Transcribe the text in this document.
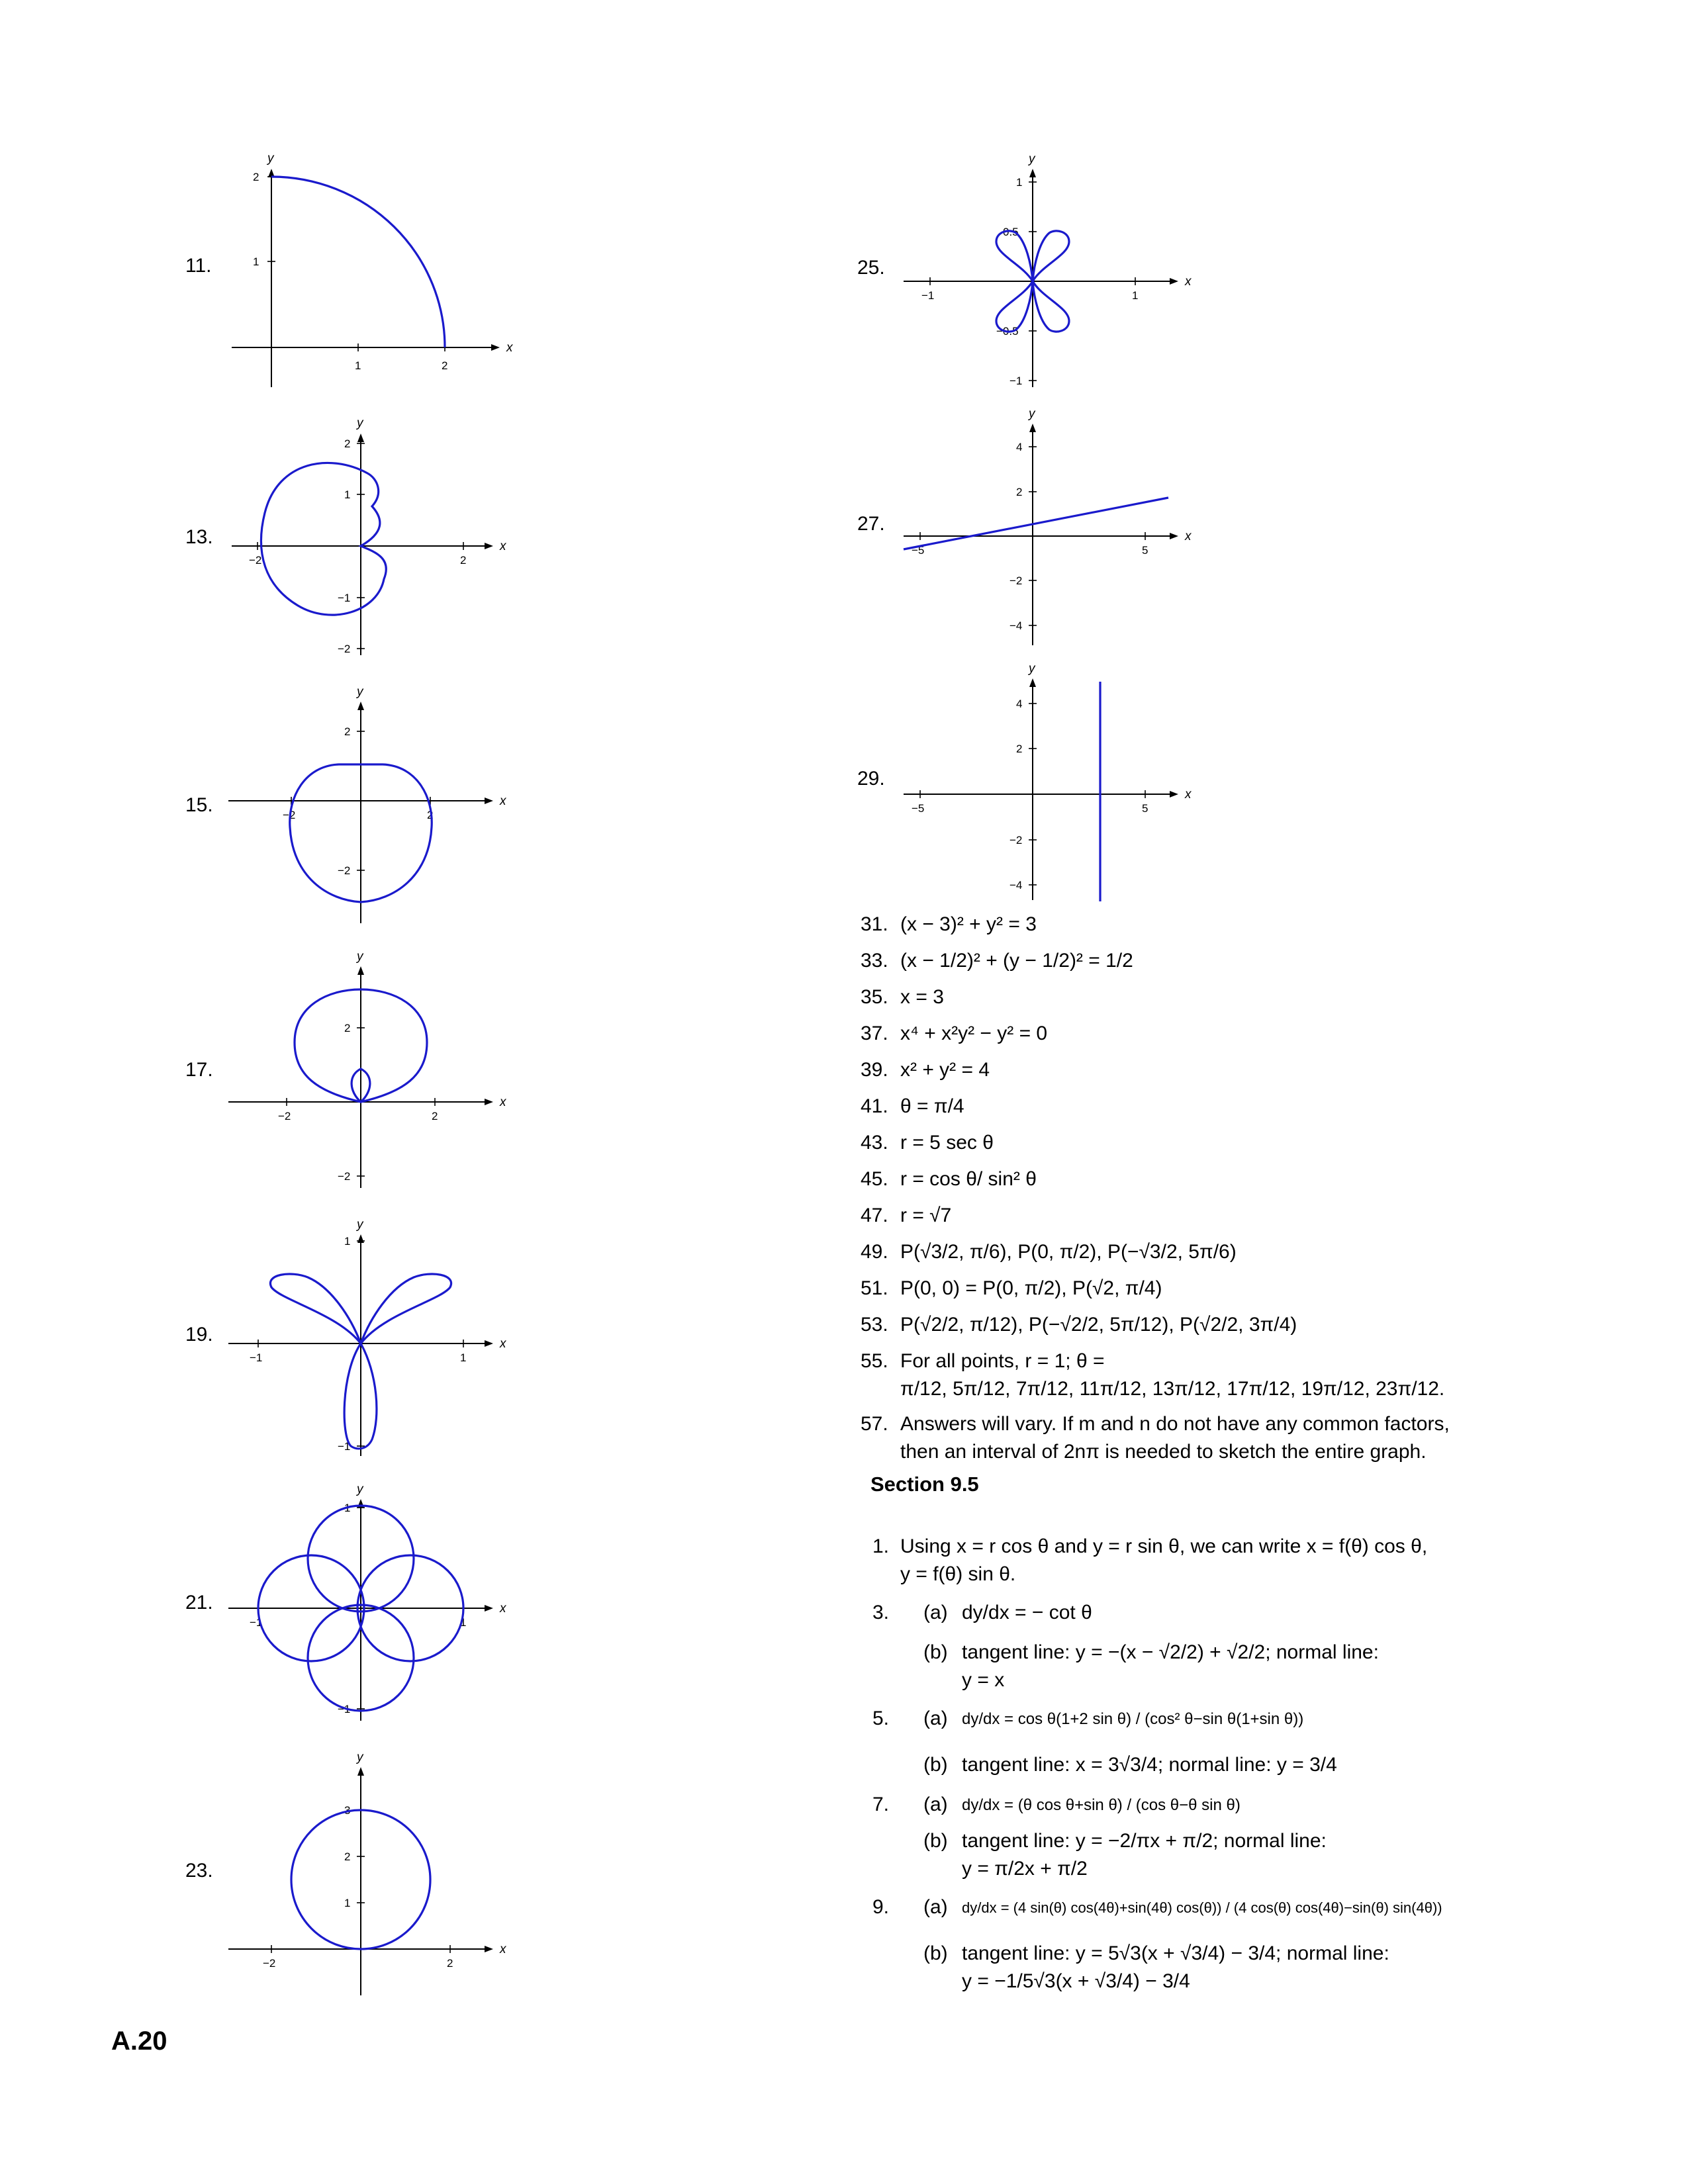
11.
x
y
1	2
1
2
13.	x
y
−2	2
2
1
−1
−2
15.	x
y
−2	2
2
−2
17.
x
y
−2	2
2
−2
19.	x
y
−1	1
1
−1
21.	x
y
−1	1
1
−1
23.
x
y
−2	2
3
2
1
25.
x
y
−1	1
1
0.5
−0.5
−1
27.
x
y
−5	5
4
2
−2
−4
29.
x
y
−5	5
4
2
−2
−4
31. (x − 3)² + y² = 3
33. (x − 1/2)² + (y − 1/2)² = 1/2
35. x = 3
37. x⁴ + x²y² − y² = 0
39. x² + y² = 4
41. θ = π/4
43. r = 5 sec θ
45. r = cos θ/ sin² θ
47. r = √7
49. P(√3/2, π/6), P(0, π/2), P(−√3/2, 5π/6)
51. P(0, 0) = P(0, π/2), P(√2, π/4)
53. P(√2/2, π/12), P(−√2/2, 5π/12), P(√2/2, 3π/4)
55. For all points, r = 1; θ =
π/12, 5π/12, 7π/12, 11π/12, 13π/12, 17π/12, 19π/12, 23π/12.
57. Answers will vary. If m and n do not have any common factors,
then an interval of 2nπ is needed to sketch the entire graph.
Section 9.5
1. Using x = r cos θ and y = r sin θ, we can write x = f(θ) cos θ,
y = f(θ) sin θ.
3. (a) dy/dx = − cot θ
(b) tangent line: y = −(x − √2/2) + √2/2; normal line:
y = x
5. (a) dy/dx = cos θ(1+2 sin θ) / (cos² θ−sin θ(1+sin θ))
(b) tangent line: x = 3√3/4; normal line: y = 3/4
7. (a) dy/dx = (θ cos θ+sin θ) / (cos θ−θ sin θ)
(b) tangent line: y = −2/πx + π/2; normal line:
y = π/2x + π/2
9. (a) dy/dx = (4 sin(θ) cos(4θ)+sin(4θ) cos(θ)) / (4 cos(θ) cos(4θ)−sin(θ) sin(4θ))
(b) tangent line: y = 5√3(x + √3/4) − 3/4; normal line:
y = −1/5√3(x + √3/4) − 3/4
A.20
